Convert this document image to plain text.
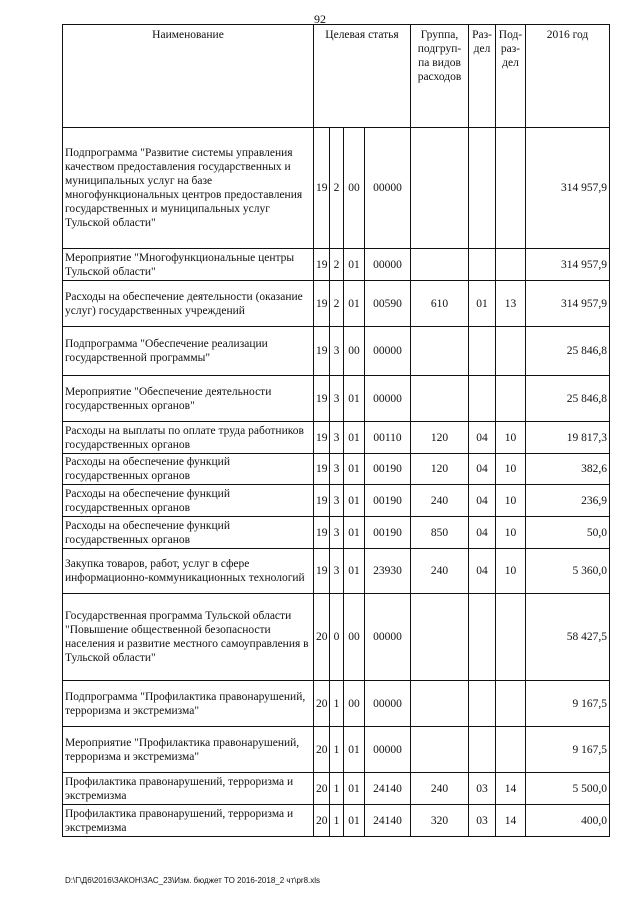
92
Наименование	Целевая статья				Группа, подгруп-па видов расходов	Раз-дел	Под-раз-дел	2016 год
Подпрограмма "Развитие системы управления качеством предоставления государственных и муниципальных услуг на базе многофункциональных центров предоставления государственных и муниципальных услуг Тульской области"	19	2	00	00000				314 957,9
Мероприятие "Многофункциональные центры Тульской области"	19	2	01	00000				314 957,9
Расходы на обеспечение деятельности (оказание услуг) государственных учреждений	19	2	01	00590	610	01	13	314 957,9
Подпрограмма "Обеспечение реализации государственной программы"	19	3	00	00000				25 846,8
Мероприятие "Обеспечение деятельности государственных органов"	19	3	01	00000				25 846,8
Расходы на выплаты по оплате труда работников государственных органов	19	3	01	00110	120	04	10	19 817,3
Расходы на обеспечение функций государственных органов	19	3	01	00190	120	04	10	382,6
Расходы на обеспечение функций государственных органов	19	3	01	00190	240	04	10	236,9
Расходы на обеспечение функций государственных органов	19	3	01	00190	850	04	10	50,0
Закупка товаров, работ, услуг в сфере информационно-коммуникационных технологий	19	3	01	23930	240	04	10	5 360,0
Государственная программа Тульской области "Повышение общественной безопасности населения и развитие местного самоуправления в Тульской области"	20	0	00	00000				58 427,5
Подпрограмма "Профилактика правонарушений, терроризма и экстремизма"	20	1	00	00000				9 167,5
Мероприятие "Профилактика правонарушений, терроризма и экстремизма"	20	1	01	00000				9 167,5
Профилактика правонарушений, терроризма и экстремизма	20	1	01	24140	240	03	14	5 500,0
Профилактика правонарушений, терроризма и экстремизма	20	1	01	24140	320	03	14	400,0
D:\Г\Д6\2016\ЗАКОН\ЗАС_23\Изм. бюджет ТО 2016-2018_2 чт\pr8.xls
